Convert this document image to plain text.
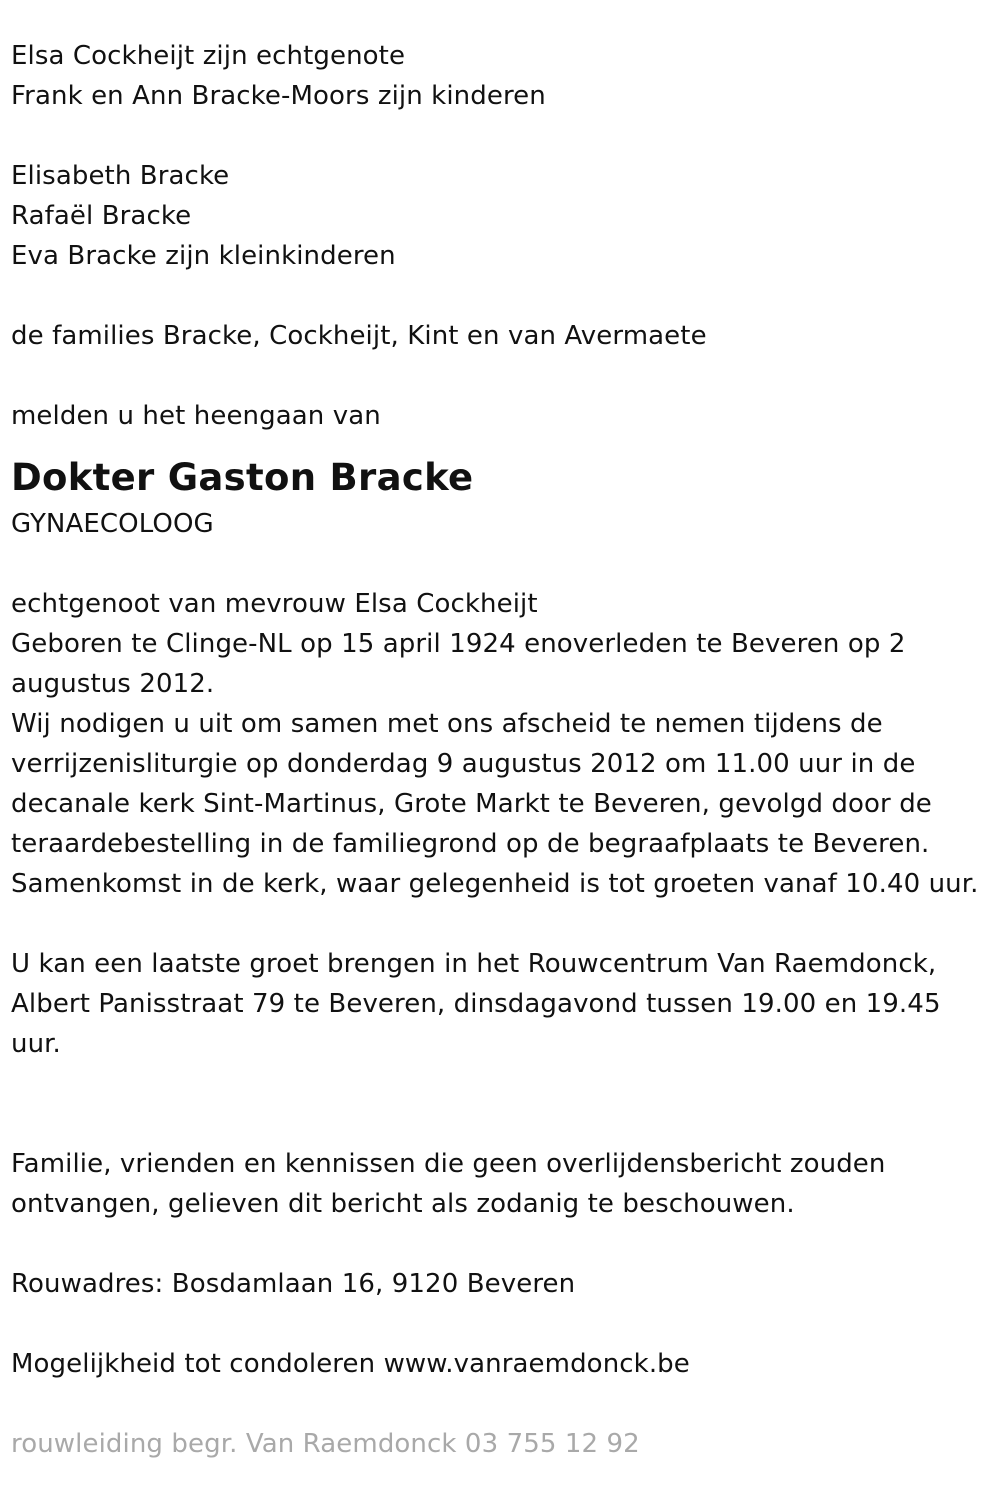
Elsa Cockheijt zijn echtgenote
Frank en Ann Bracke-Moors zijn kinderen
Elisabeth Bracke
Rafaël Bracke
Eva Bracke zijn kleinkinderen
de families Bracke, Cockheijt, Kint en van Avermaete
melden u het heengaan van
Dokter Gaston Bracke
GYNAECOLOOG
echtgenoot van mevrouw Elsa Cockheijt
Geboren te Clinge-NL op 15 april 1924 enoverleden te Beveren op 2
augustus 2012.
Wij nodigen u uit om samen met ons afscheid te nemen tijdens de
verrijzenisliturgie op donderdag 9 augustus 2012 om 11.00 uur in de
decanale kerk Sint-Martinus, Grote Markt te Beveren, gevolgd door de
teraardebestelling in de familiegrond op de begraafplaats te Beveren.
Samenkomst in de kerk, waar gelegenheid is tot groeten vanaf 10.40 uur.
U kan een laatste groet brengen in het Rouwcentrum Van Raemdonck,
Albert Panisstraat 79 te Beveren, dinsdagavond tussen 19.00 en 19.45
uur.
Familie, vrienden en kennissen die geen overlijdensbericht zouden
ontvangen, gelieven dit bericht als zodanig te beschouwen.
Rouwadres: Bosdamlaan 16, 9120 Beveren
Mogelijkheid tot condoleren www.vanraemdonck.be
rouwleiding begr. Van Raemdonck 03 755 12 92
